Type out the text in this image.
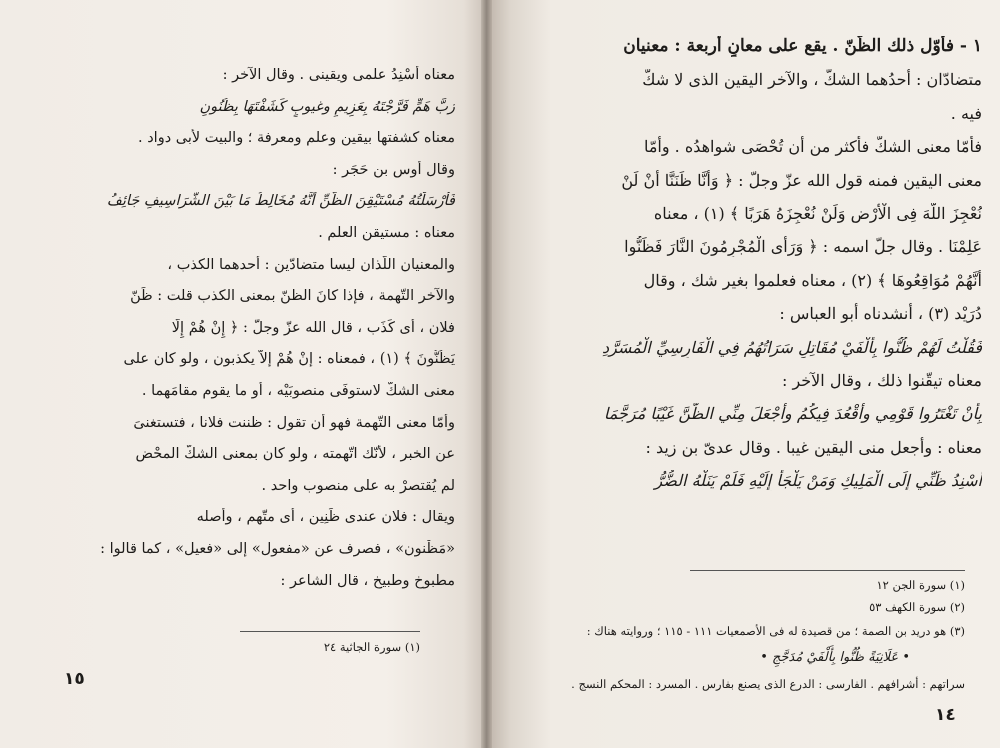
معناه أُسْنِدُ علمى ويقينى . وقال الآخر :
رُبَّ هَمٍّ فَرَّجْتَهُ بِعَزِيمٍ وغيوبٍ كَشَفْتَهَا بِظُنُونِ
معناه كشفتها بيقين وعلم ومعرفة ؛ والبيت لأبى دواد .
وقال أوس بن حَجَر :
فَأَرْسَلْتُهُ مُسْتَيْقِنَ الظَّنِّ أَنَّهُ مُخَالِطُ مَا بَيْنَ الشَّرَاسِيفِ جَائِفُ
معناه : مستيقن العلم .
والمعنيان اللّذان ليسا متضادّين : أحدهما الكذب ،
والآخر التّهمة ، فإذا كانَ الظنّ بمعنى الكذب قلت : ظَنّ
فلان ، أى كَذَب ، قال الله عزّ وجلّ : ﴿ إِنْ هُمْ إِلَّا
يَظُنُّونَ ﴾ (١) ، فمعناه : إنْ هُمْ إلاّ يكذبون ، ولو كان على
معنى الشكّ لاستوفَى منصوبَيْه ، أو ما يقوم مقامَهما .
وأمّا معنى التّهمة فهو أن تقول : ظننت فلانا ، فتستغنىَ
عن الخبر ، لأنّك اتّهمته ، ولو كان بمعنى الشكّ المحْض
لم يُقتصرْ به على منصوب واحد .
ويقال : فلان عندى ظَنِين ، أى متّهم ، وأصله
«مَظْنون» ، فصرف عن «مفعول» إلى «فعيل» ، كما قالوا :
مطبوخ وطبيخ ، قال الشاعر :
(١) سورة الجاثية ٢٤
١٥
١ - فأوّل ذلك الظّنّ . يقع على معانٍ أربعة : معنيان
متضادّان : أحدُهما الشكّ ، والآخر اليقين الذى لا شكّ
فيه .
فأمّا معنى الشكّ فأكثر من أن تُحْصَى شواهدُه . وأمّا
معنى اليقين فمنه قول الله عزّ وجلّ : ﴿ وَأَنَّا ظَنَنَّا أَنْ لَنْ
نُعْجِزَ اللَّهَ فِى الْأَرْضِ وَلَنْ نُعْجِزَهُ هَرَبًا ﴾ (١) ، معناه
عَلِمْنَا . وقال جلّ اسمه : ﴿ وَرَأَى الْمُجْرِمُونَ النَّارَ فَظَنُّوا
أَنَّهُمْ مُوَاقِعُوهَا ﴾ (٢) ، معناه فعلموا بغير شك ، وقال
دُرَيْد (٣) ، أنشدناه أبو العباس :
فَقُلْتُ لَهُمْ ظُنُّوا بِأَلْفَيْ مُقَاتِلٍ سَرَاتُهُمُ فِي الْفَارِسِيِّ الْمُسَرَّدِ
معناه تيقّنوا ذلك ، وقال الآخر :
بِأَنْ تَغْتَرُوا قَوْمِي وأَقْعُدَ فِيكُمُ وأَجْعَلَ مِنِّي الظَّنَّ غَيْبًا مُرَجَّمَا
معناه : وأجعل منى اليقين غيبا . وقال عدىّ بن زيد :
أُسْنِدُ ظَنِّي إِلَى الْمَلِيكِ وَمَنْ يَلْجَأْ إِلَيْهِ فَلَمْ يَنَلْهُ الضُّرُّ
(١) سورة الجن ١٢
(٢) سورة الكهف ٥٣
(٣) هو دريد بن الصمة ؛ من قصيدة له فى الأصمعيات ١١١ - ١١٥ ؛ وروايته هناك :
• عَلَانِيَةً ظُنُّوا بِأَلْفَيْ مُدَجَّجِ •
سراتهم : أشرافهم . الفارسى : الدرع الذى يصنع بفارس . المسرد : المحكم النسج .
١٤
